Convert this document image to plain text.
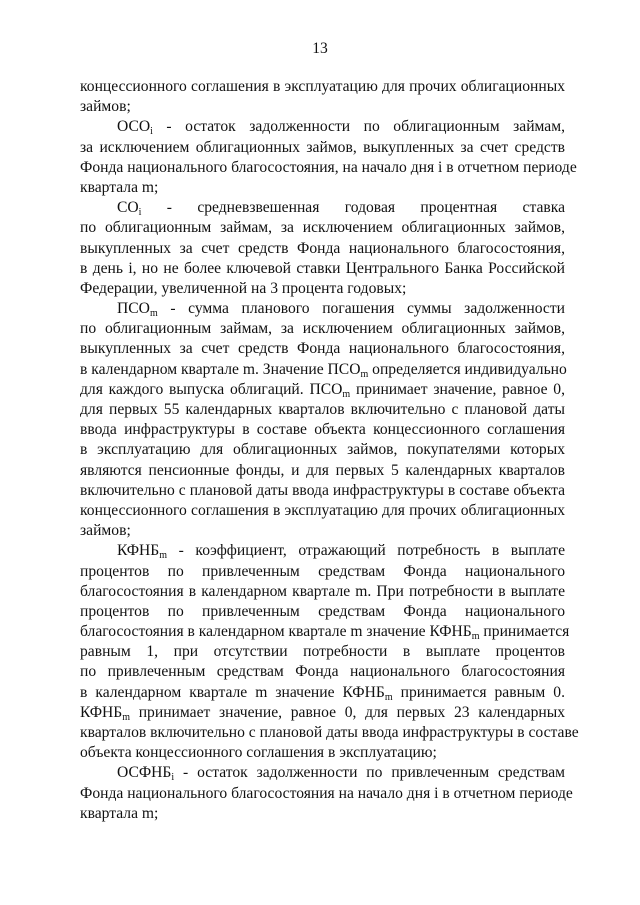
13
концессионного соглашения в эксплуатацию для прочих облигационных
займов;
$ОСО_i$ - остаток задолженности по облигационным займам,
за исключением облигационных займов, выкупленных за счет средств
Фонда национального благосостояния, на начало дня i в отчетном периоде
квартала m;
$СО_i$ - средневзвешенная годовая процентная ставка
по облигационным займам, за исключением облигационных займов,
выкупленных за счет средств Фонда национального благосостояния,
в день i, но не более ключевой ставки Центрального Банка Российской
Федерации, увеличенной на 3 процента годовых;
$ПСО_m$ - сумма планового погашения суммы задолженности
по облигационным займам, за исключением облигационных займов,
выкупленных за счет средств Фонда национального благосостояния,
в календарном квартале m. Значение $ПСО_m$ определяется индивидуально
для каждого выпуска облигаций. $ПСО_m$ принимает значение, равное 0,
для первых 55 календарных кварталов включительно с плановой даты
ввода инфраструктуры в составе объекта концессионного соглашения
в эксплуатацию для облигационных займов, покупателями которых
являются пенсионные фонды, и для первых 5 календарных кварталов
включительно с плановой даты ввода инфраструктуры в составе объекта
концессионного соглашения в эксплуатацию для прочих облигационных
займов;
$КФНБ_m$ - коэффициент, отражающий потребность в выплате
процентов по привлеченным средствам Фонда национального
благосостояния в календарном квартале m. При потребности в выплате
процентов по привлеченным средствам Фонда национального
благосостояния в календарном квартале m значение $КФНБ_m$ принимается
равным 1, при отсутствии потребности в выплате процентов
по привлеченным средствам Фонда национального благосостояния
в календарном квартале m значение $КФНБ_m$ принимается равным 0.
$КФНБ_m$ принимает значение, равное 0, для первых 23 календарных
кварталов включительно с плановой даты ввода инфраструктуры в составе
объекта концессионного соглашения в эксплуатацию;
$ОСФНБ_i$ - остаток задолженности по привлеченным средствам
Фонда национального благосостояния на начало дня i в отчетном периоде
квартала m;
